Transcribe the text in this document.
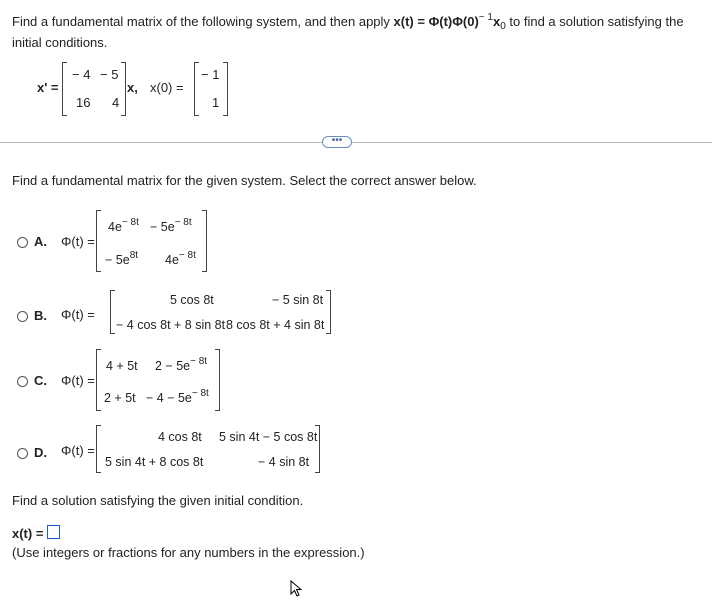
Find a fundamental matrix of the following system, and then apply $x(t) = \Phi(t)\Phi(0)^{- 1}x_0$ to find a solution satisfying the
initial conditions.
x' =
− 4 − 5
16 4
x, x(0) =
− 1
1
•••
Find a fundamental matrix for the given system. Select the correct answer below.
A. Φ(t) =
$4e^{- 8t} - 5e^{- 8t}$
− $5e^{8t}$ $4e^{- 8t}$
B. Φ(t) =
5 cos 8t	− 5 sin 8t
− 4 cos 8t + 8 sin 8t 8 cos 8t + 4 sin 8t
C. Φ(t) =
4 + 5t $2 - 5e^{- 8t}$
$2 + 5t - 4 - 5e^{- 8t}$
D. Φ(t) =
4 cos 8t 5 sin 4t − 5 cos 8t
5 sin 4t + 8 cos 8t	− 4 sin 8t
Find a solution satisfying the given initial condition.
x(t) =
(Use integers or fractions for any numbers in the expression.)
